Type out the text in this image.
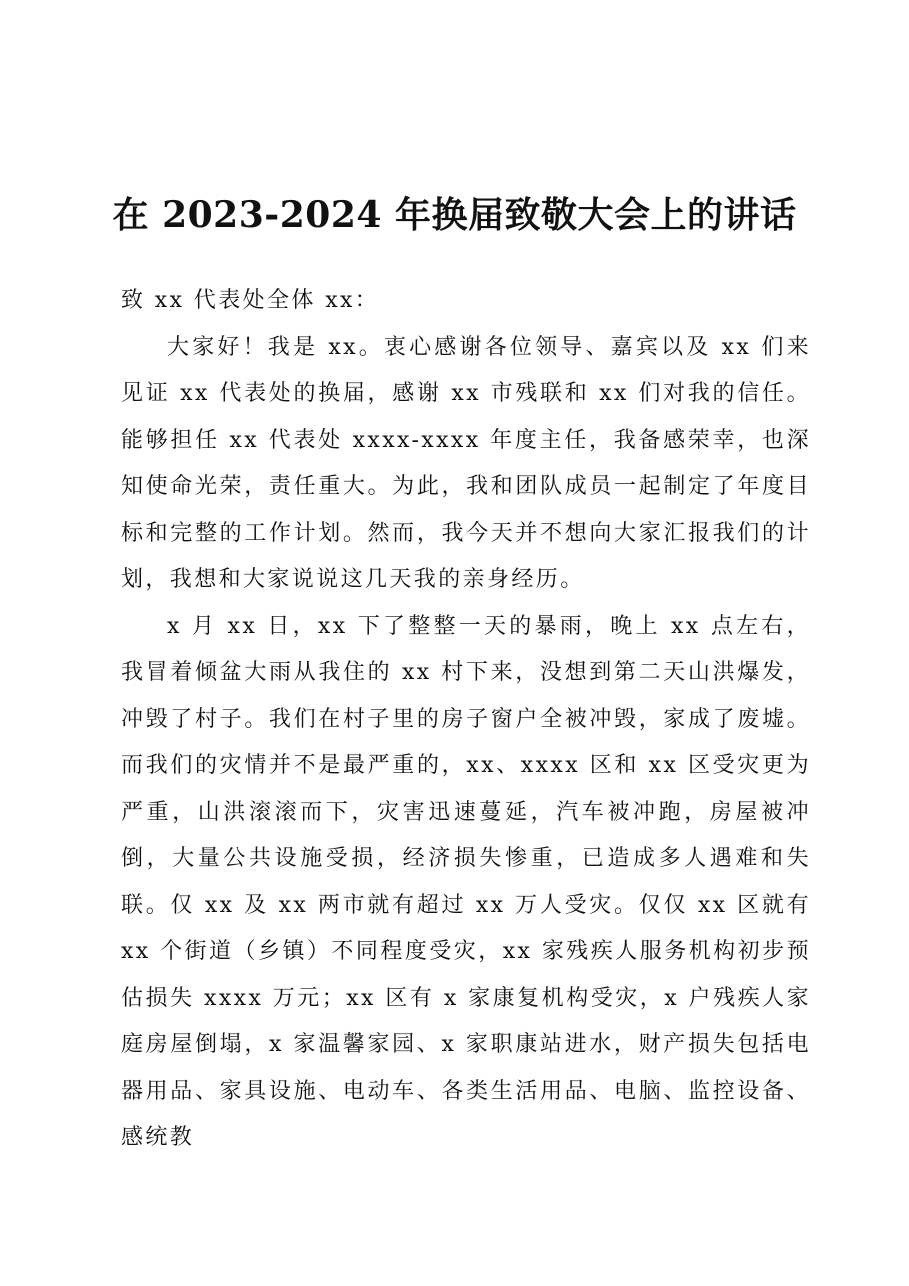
在 2023-2024 年换届致敬大会上的讲话

致 xx 代表处全体 xx：

大家好！我是 xx。衷心感谢各位领导、嘉宾以及 xx 们来见证 xx 代表处的换届，感谢 xx 市残联和 xx 们对我的信任。能够担任 xx 代表处 xxxx-xxxx 年度主任，我备感荣幸，也深知使命光荣，责任重大。为此，我和团队成员一起制定了年度目标和完整的工作计划。然而，我今天并不想向大家汇报我们的计划，我想和大家说说这几天我的亲身经历。

x 月 xx 日，xx 下了整整一天的暴雨，晚上 xx 点左右，我冒着倾盆大雨从我住的 xx 村下来，没想到第二天山洪爆发，冲毁了村子。我们在村子里的房子窗户全被冲毁，家成了废墟。而我们的灾情并不是最严重的，xx、xxxx 区和 xx 区受灾更为严重，山洪滚滚而下，灾害迅速蔓延，汽车被冲跑，房屋被冲倒，大量公共设施受损，经济损失惨重，已造成多人遇难和失联。仅 xx 及 xx 两市就有超过 xx 万人受灾。仅仅 xx 区就有 xx 个街道（乡镇）不同程度受灾，xx 家残疾人服务机构初步预估损失 xxxx 万元；xx 区有 x 家康复机构受灾，x 户残疾人家庭房屋倒塌，x 家温馨家园、x 家职康站进水，财产损失包括电器用品、家具设施、电动车、各类生活用品、电脑、监控设备、感统教
